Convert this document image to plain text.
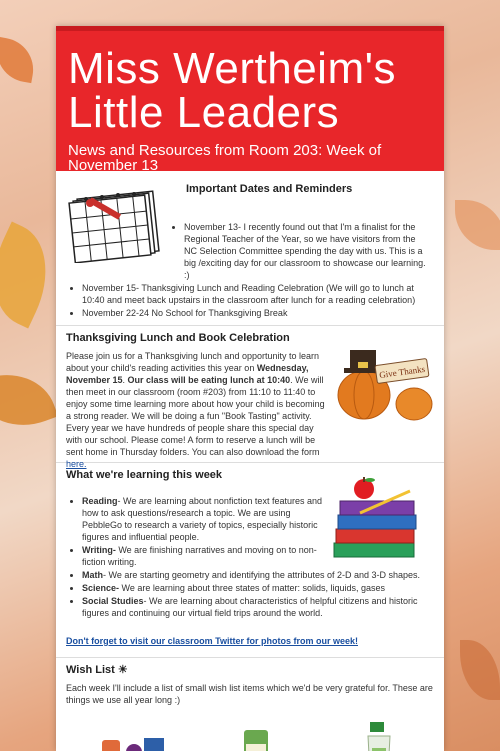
Miss Wertheim's Little Leaders
News and Resources from Room 203: Week of November 13
Important Dates and Reminders
• November 13- I recently found out that I'm a finalist for the Regional Teacher of the Year, so we have visitors from the NC Selection Committee spending the day with us. This is a big /exciting day for our classroom to showcase our learning. :)
• November 15- Thanksgiving Lunch and Reading Celebration (We will go to lunch at 10:40 and meet back upstairs in the classroom after lunch for a reading celebration)
• November 22-24 No School for Thanksgiving Break
Thanksgiving Lunch and Book Celebration
Give Thanks
Please join us for a Thanksgiving lunch and opportunity to learn about your child's reading activities this year on Wednesday, November 15. Our class will be eating lunch at 10:40. We will then meet in our classroom (room #203) from 11:10 to 11:40 to enjoy some time learning more about how your child is becoming a strong reader. We will be doing a fun "Book Tasting" activity. Every year we have hundreds of people share this special day with our school. Please come! A form to reserve a lunch will be sent home in Thursday folders. You can also download the form here.
What we're learning this week
• Reading- We are learning about nonfiction text features and how to ask questions/research a topic. We are using PebbleGo to research a variety of topics, especially historic figures and influential people.
• Writing- We are finishing narratives and moving on to non-fiction writing.
• Math- We are starting geometry and identifying the attributes of 2-D and 3-D shapes.
• Science- We are learning about three states of matter: solids, liquids, gases
• Social Studies- We are learning about characteristics of helpful citizens and historic figures and continuing our virtual field trips around the world.
Don't forget to visit our classroom Twitter for photos from our week!
Wish List ☀
Each week I'll include a list of small wish list items which we'd be very grateful for. These are things we use all year long :)
